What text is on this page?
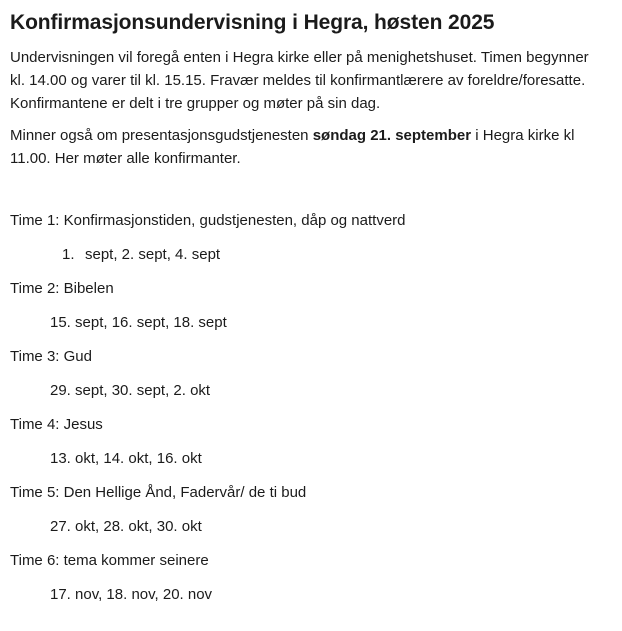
Konfirmasjonsundervisning i Hegra, høsten 2025
Undervisningen vil foregå enten i Hegra kirke eller på menighetshuset. Timen begynner
kl. 14.00 og varer til kl. 15.15. Fravær meldes til konfirmantlærere av foreldre/foresatte.
Konfirmantene er delt i tre grupper og møter på sin dag.
Minner også om presentasjonsgudstjenesten søndag 21. september i Hegra kirke kl
11.00. Her møter alle konfirmanter.
Time 1: Konfirmasjonstiden, gudstjenesten, dåp og nattverd
1. sept, 2. sept, 4. sept
Time 2: Bibelen
15. sept, 16. sept, 18. sept
Time 3: Gud
29. sept, 30. sept, 2. okt
Time 4: Jesus
13. okt, 14. okt, 16. okt
Time 5: Den Hellige Ånd, Fadervår/ de ti bud
27. okt, 28. okt, 30. okt
Time 6: tema kommer seinere
17. nov, 18. nov, 20. nov
